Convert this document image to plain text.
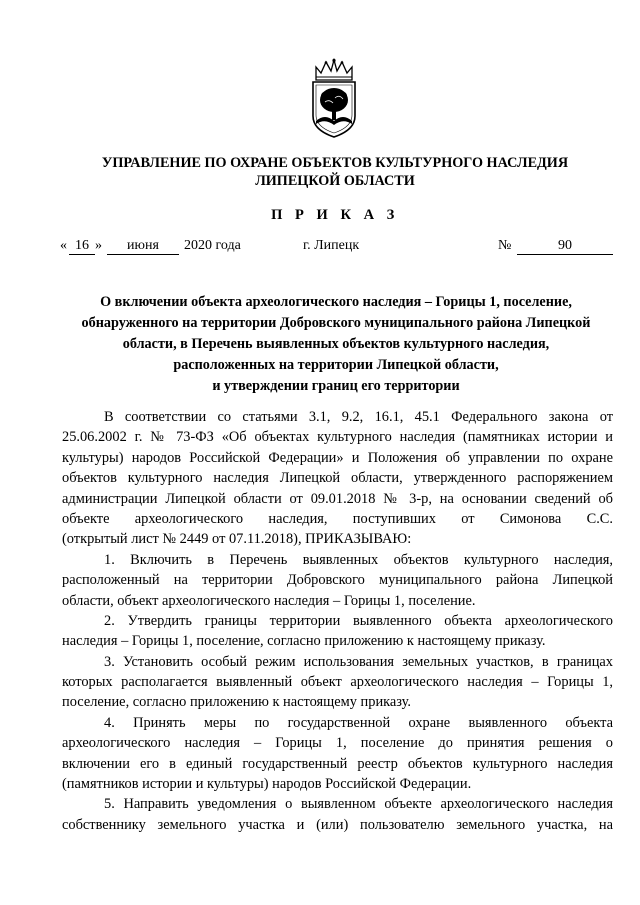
УПРАВЛЕНИЕ ПО ОХРАНЕ ОБЪЕКТОВ КУЛЬТУРНОГО НАСЛЕДИЯ
ЛИПЕЦКОЙ ОБЛАСТИ
П Р И К А З
« 16 »	июня	2020 года	г. Липецк	№	90
О включении объекта археологического наследия – Горицы 1, поселение,
обнаруженного на территории Добровского муниципального района Липецкой
области, в Перечень выявленных объектов культурного наследия,
расположенных на территории Липецкой области,
и утверждении границ его территории
В соответствии со статьями 3.1, 9.2, 16.1, 45.1 Федерального закона от
25.06.2002 г. № 73-ФЗ «Об объектах культурного наследия (памятниках истории и
культуры) народов Российской Федерации» и Положения об управлении по охране
объектов культурного наследия Липецкой области, утвержденного распоряжением
администрации Липецкой области от 09.01.2018 № 3-р, на основании сведений об
объекте археологического наследия, поступивших от Симонова С.С.
(открытый лист № 2449 от 07.11.2018), ПРИКАЗЫВАЮ:
1. Включить в Перечень выявленных объектов культурного наследия,
расположенный на территории Добровского муниципального района Липецкой
области, объект археологического наследия – Горицы 1, поселение.
2. Утвердить границы территории выявленного объекта археологического
наследия – Горицы 1, поселение, согласно приложению к настоящему приказу.
3. Установить особый режим использования земельных участков, в границах
которых располагается выявленный объект археологического наследия – Горицы 1,
поселение, согласно приложению к настоящему приказу.
4. Принять меры по государственной охране выявленного объекта
археологического наследия – Горицы 1, поселение до принятия решения о
включении его в единый государственный реестр объектов культурного наследия
(памятников истории и культуры) народов Российской Федерации.
5. Направить уведомления о выявленном объекте археологического наследия
собственнику земельного участка и (или) пользователю земельного участка, на
